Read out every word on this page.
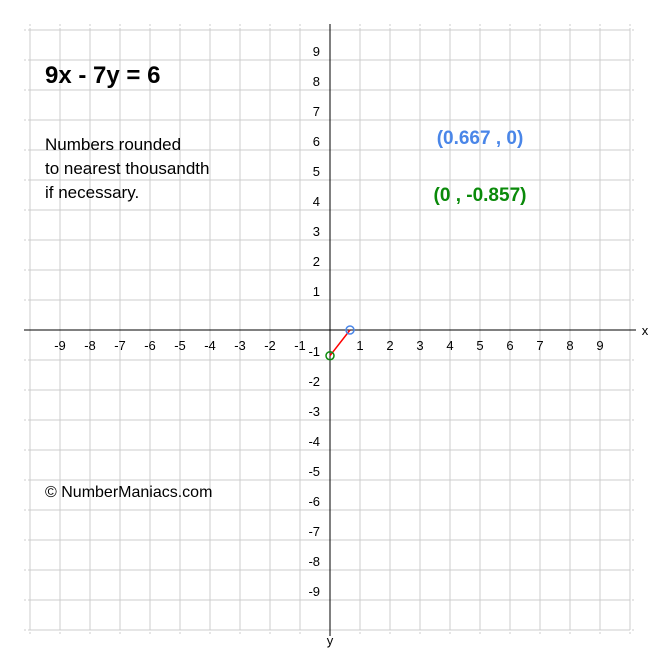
x
y
-9 -8 -7 -6 -5 -4 -3 -2 -1	1 2 3 4 5 6 7 8 9
9
8
7
6
5
4
3
2
1
-1
-2
-3
-4
-5
-6
-7
-8
-9
(0.667 , 0)
(0 , -0.857)
9x - 7y = 6
Numbers rounded
to nearest thousandth
if necessary.
© NumberManiacs.com
